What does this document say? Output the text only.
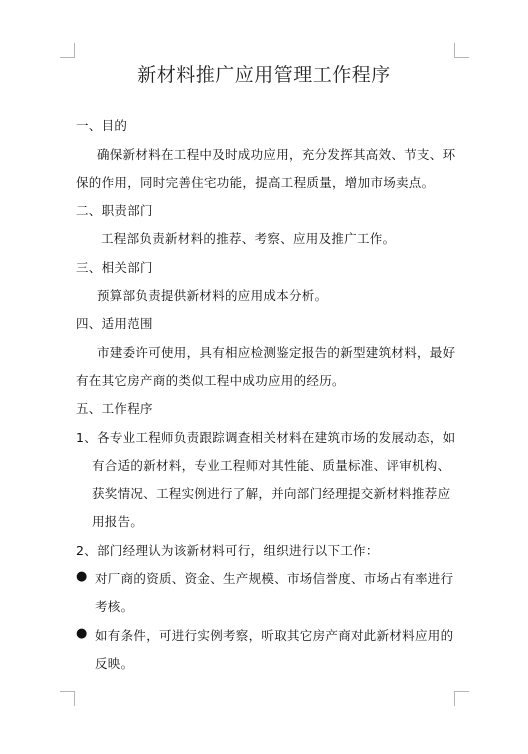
新材料推广应用管理工作程序
一、目的
确保新材料在工程中及时成功应用，充分发挥其高效、节支、环
保的作用，同时完善住宅功能，提高工程质量，增加市场卖点。
二、职责部门
工程部负责新材料的推荐、考察、应用及推广工作。
三、相关部门
预算部负责提供新材料的应用成本分析。
四、适用范围
市建委许可使用，具有相应检测鉴定报告的新型建筑材料，最好
有在其它房产商的类似工程中成功应用的经历。
五、工作程序
1、各专业工程师负责跟踪调查相关材料在建筑市场的发展动态，如
有合适的新材料，专业工程师对其性能、质量标准、评审机构、
获奖情况、工程实例进行了解，并向部门经理提交新材料推荐应
用报告。
2、部门经理认为该新材料可行，组织进行以下工作：
● 对厂商的资质、资金、生产规模、市场信誉度、市场占有率进行
考核。
● 如有条件，可进行实例考察，听取其它房产商对此新材料应用的
反映。
